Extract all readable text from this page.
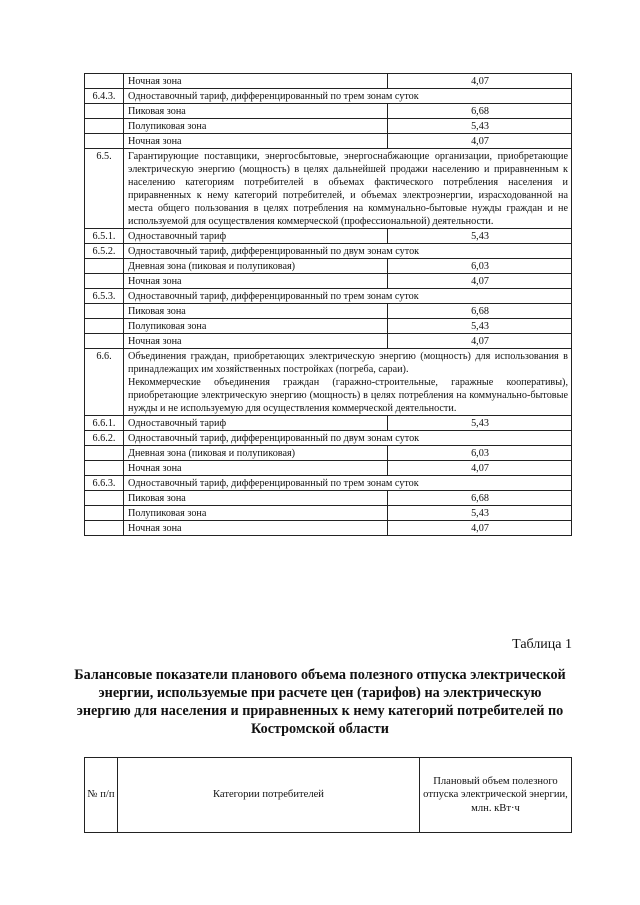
	Ночная зона	4,07
6.4.3.	Одноставочный тариф, дифференцированный по трем зонам суток	
	Пиковая зона	6,68
	Полупиковая зона	5,43
	Ночная зона	4,07
6.5.	Гарантирующие поставщики, энергосбытовые, энергоснабжающие организации, приобретающие электрическую энергию (мощность) в целях дальнейшей продажи населению и приравненным к населению категориям потребителей в объемах фактического потребления населения и приравненных к нему категорий потребителей, и объемах электроэнергии, израсходованной на места общего пользования в целях потребления на коммунально-бытовые нужды граждан и не используемой для осуществления коммерческой (профессиональной) деятельности.	

6.5.1.	Одноставочный тариф	5,43
6.5.2.	Одноставочный тариф, дифференцированный по двум зонам суток	
	Дневная зона (пиковая и полупиковая)	6,03
	Ночная зона	4,07
6.5.3.	Одноставочный тариф, дифференцированный по трем зонам суток	
	Пиковая зона	6,68
	Полупиковая зона	5,43
	Ночная зона	4,07
6.6.	Объединения граждан, приобретающих электрическую энергию (мощность) для использования в принадлежащих им хозяйственных постройках (погреба, сараи).

Некоммерческие объединения граждан (гаражно-строительные, гаражные кооперативы), приобретающие электрическую энергию (мощность) в целях потребления на коммунально-бытовые нужды и не используемую для осуществления коммерческой деятельности.	

6.6.1.	Одноставочный тариф	5,43
6.6.2.	Одноставочный тариф, дифференцированный по двум зонам суток	
	Дневная зона (пиковая и полупиковая)	6,03
	Ночная зона	4,07
6.6.3.	Одноставочный тариф, дифференцированный по трем зонам суток	
	Пиковая зона	6,68
	Полупиковая зона	5,43
	Ночная зона	4,07
Таблица 1
Балансовые показатели планового объема полезного отпуска электрической энергии, используемые при расчете цен (тарифов) на электрическую энергию для населения и приравненных к нему категорий потребителей по Костромской области
№ п/п	Категории потребителей	Плановый объем полезного отпуска электрической энергии, млн. кВт·ч
